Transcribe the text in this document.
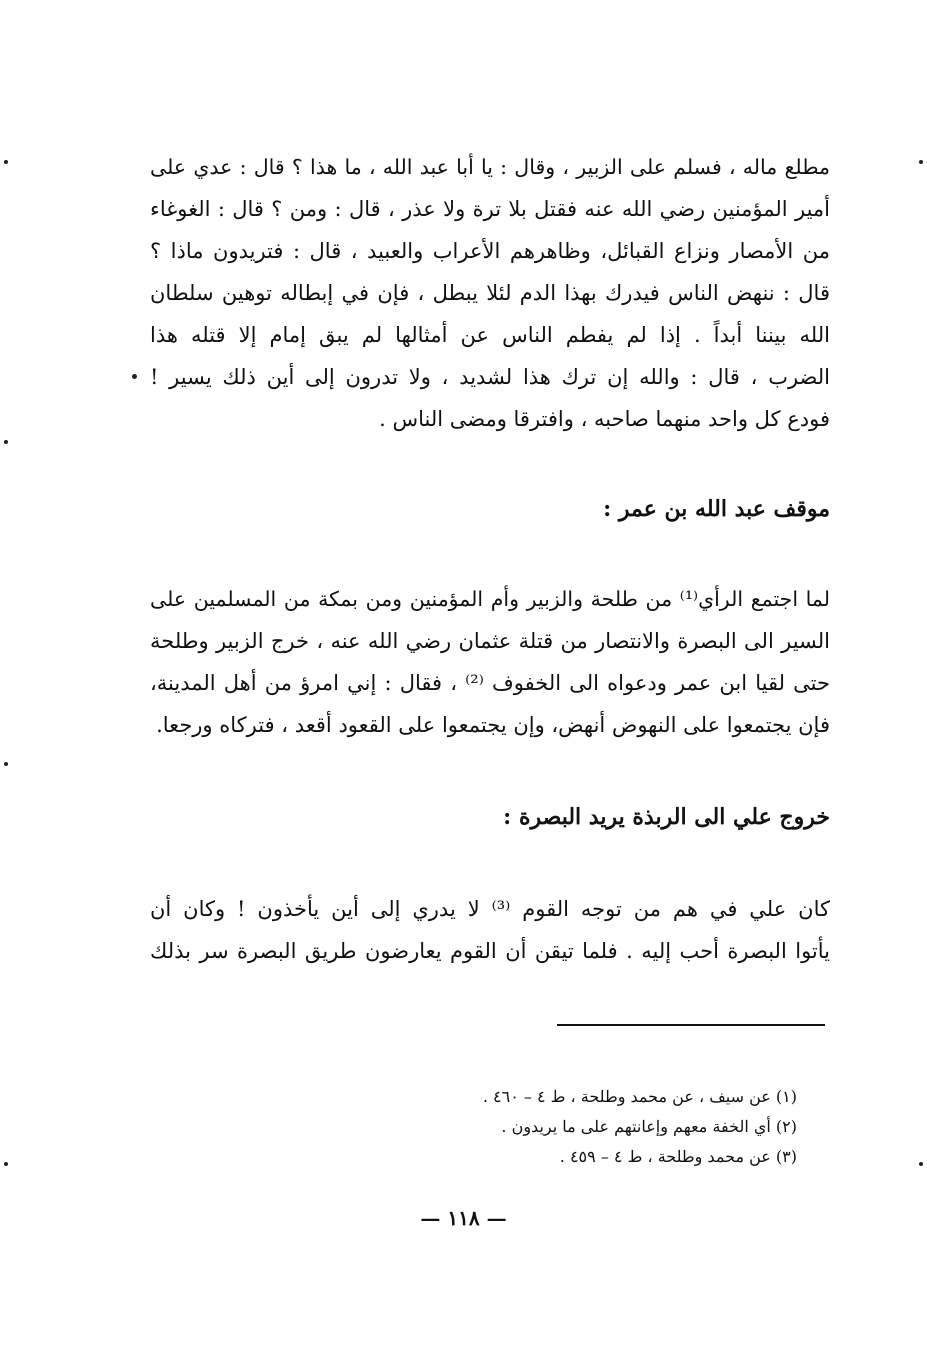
مطلع ماله ، فسلم على الزبير ، وقال : يا أبا عبد الله ، ما هذا ؟ قال : ‏عدي على
أمير المؤمنين رضي الله عنه فقتل بلا ترة ولا عذر ، قال : ومن ؟ قال : الغوغاء
من الأمصار ونزاع القبائل، وظاهرهم الأعراب والعبيد ، قال : فتريدون ماذا ؟
قال : ننهض الناس فيدرك بهذا الدم لئلا يبطل ، فإن في إبطاله توهين سلطان
الله بيننا أبداً . إذا لم يفطم الناس عن أمثالها لم يبق إمام إلا قتله هذا
الضرب ، قال : والله إن ترك هذا لشديد ، ولا تدرون إلى أين ذلك يسير !
فودع كل واحد منهما صاحبه ، وافترقا ومضى الناس .
موقف عبد الله بن عمر :
لما اجتمع الرأي⁽¹⁾ من طلحة والزبير وأم المؤمنين ومن بمكة من المسلمين على
السير الى البصرة والانتصار من قتلة عثمان رضي الله عنه ، خرج الزبير وطلحة
حتى لقيا ابن عمر ودعواه الى الخفوف ⁽²⁾ ، فقال : إني امرؤ من أهل المدينة،
فإن يجتمعوا على النهوض أنهض، وإن يجتمعوا على القعود أقعد ، فتركاه ورجعا.
خروج علي الى الربذة يريد البصرة :
كان علي في هم من توجه القوم ⁽³⁾ لا يدري إلى أين يأخذون ! وكان أن
يأتوا البصرة أحب إليه . فلما تيقن أن القوم يعارضون طريق البصرة سر بذلك
(١) عن سيف ، عن محمد وطلحة ، ط ٤ – ٤٦٠ .
(٢) أي الخفة معهم وإعانتهم على ما يريدون .
(٣) عن محمد وطلحة ، ط ٤ – ٤٥٩ .
— ١١٨ —
